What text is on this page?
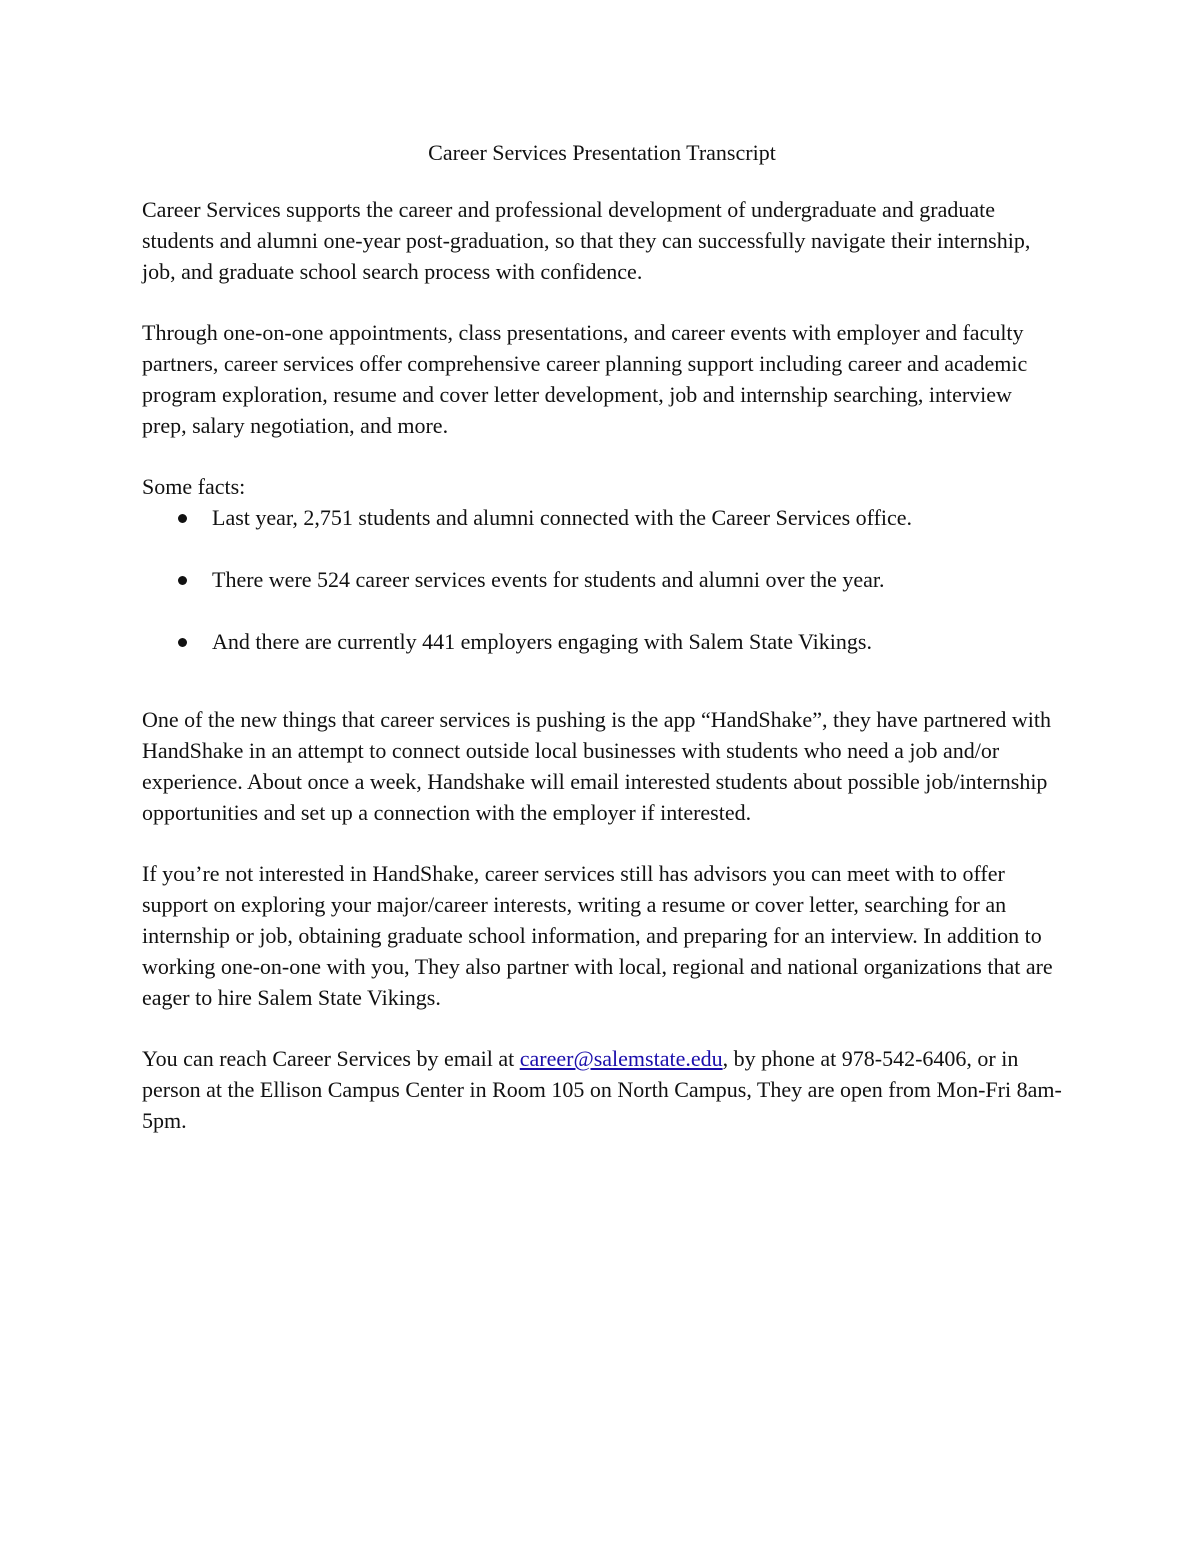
Career Services Presentation Transcript

Career Services supports the career and professional development of undergraduate and graduate students and alumni one-year post-graduation, so that they can successfully navigate their internship, job, and graduate school search process with confidence.

Through one-on-one appointments, class presentations, and career events with employer and faculty partners, career services offer comprehensive career planning support including career and academic program exploration, resume and cover letter development, job and internship searching, interview prep, salary negotiation, and more.

Some facts:
Last year, 2,751 students and alumni connected with the Career Services office.
There were 524 career services events for students and alumni over the year.
And there are currently 441 employers engaging with Salem State Vikings.

One of the new things that career services is pushing is the app “HandShake”, they have partnered with HandShake in an attempt to connect outside local businesses with students who need a job and/or experience. About once a week, Handshake will email interested students about possible job/internship opportunities and set up a connection with the employer if interested.

If you’re not interested in HandShake, career services still has advisors you can meet with to offer support on exploring your major/career interests, writing a resume or cover letter, searching for an internship or job, obtaining graduate school information, and preparing for an interview. In addition to working one-on-one with you, They also partner with local, regional and national organizations that are eager to hire Salem State Vikings.

You can reach Career Services by email at career@salemstate.edu, by phone at 978-542-6406, or in person at the Ellison Campus Center in Room 105 on North Campus, They are open from Mon-Fri 8am-5pm.
